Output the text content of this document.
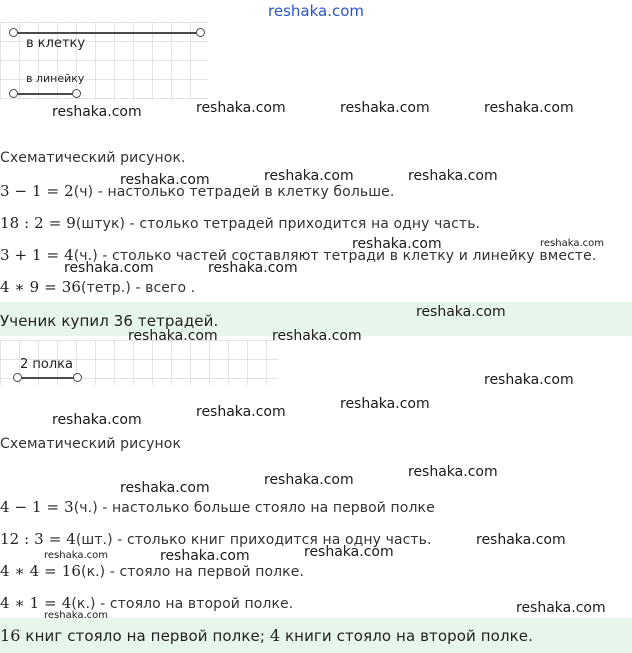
reshaka.com
в клетку
в линейку
Схематический рисунок.
3 − 1 = 2(ч) - настолько тетрадей в клетку больше.
18 : 2 = 9(штук) - столько тетрадей приходится на одну часть.
3 + 1 = 4(ч.) - столько частей составляют тетради в клетку и линейку вместе.
4 ∗ 9 = 36(тетр.) - всего .
Ученик купил 36 тетрадей.
2 полка
Схематический рисунок
4 − 1 = 3(ч.) - настолько больше стояло на первой полке
12 : 3 = 4(шт.) - столько книг приходится на одну часть.
4 ∗ 4 = 16(к.) - стояло на первой полке.
4 ∗ 1 = 4(к.) - стояло на второй полке.
16 книг стояло на первой полке; 4 книги стояло на второй полке.
reshaka.com	reshaka.com	reshaka.com	reshaka.com
reshaka.com	reshaka.com	reshaka.com
reshaka.com	reshaka.com
reshaka.com	reshaka.com
reshaka.com
reshaka.com	reshaka.com
reshaka.com
reshaka.com
reshaka.com	reshaka.com
reshaka.com
reshaka.com
reshaka.com
reshaka.com
reshaka.com	reshaka.com	reshaka.com
reshaka.com
reshaka.com
